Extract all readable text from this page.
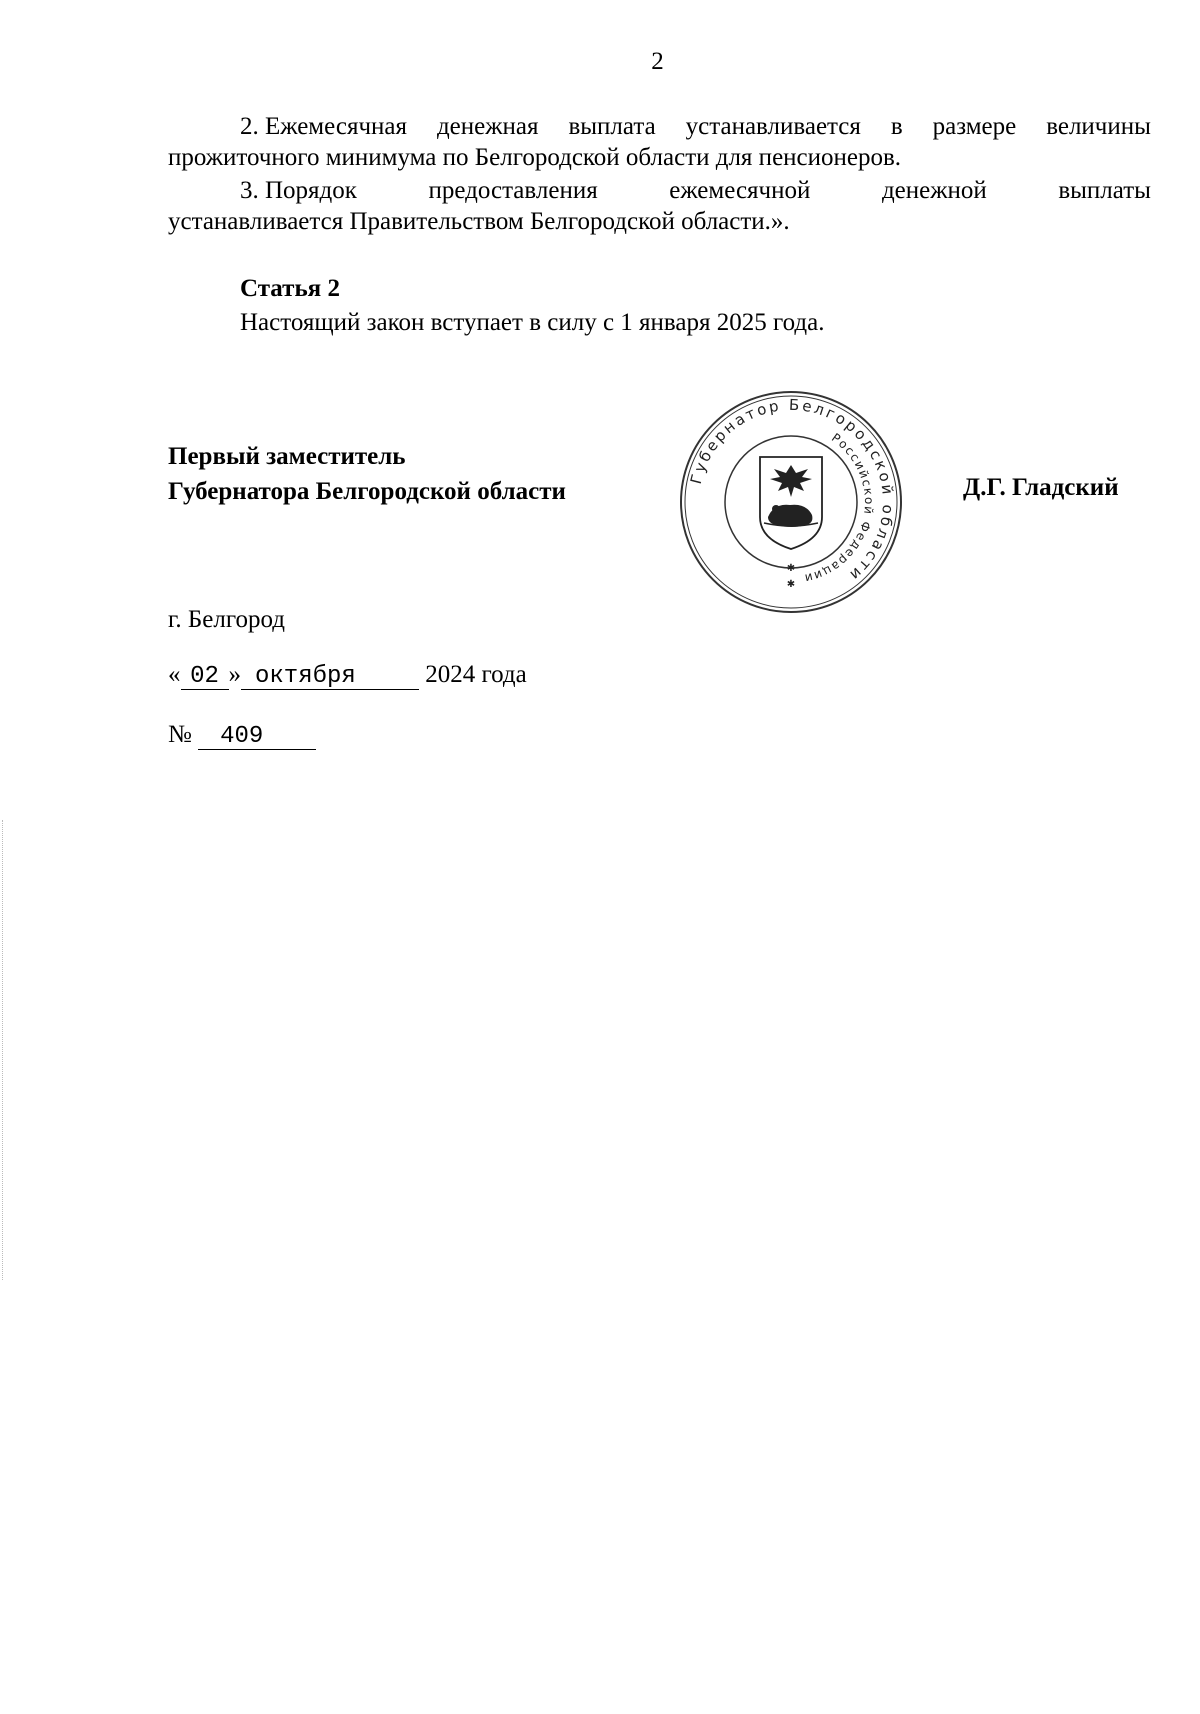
2
2. Ежемесячная денежная выплата устанавливается в размере величины
прожиточного минимума по Белгородской области для пенсионеров.
3. Порядок	предоставления	ежемесячной	денежной	выплаты
устанавливается Правительством Белгородской области.».
Статья 2
Настоящий закон вступает в силу с 1 января 2025 года.
Первый заместитель
Губернатора Белгородской области
Губернатор Белгородской области
Российской Федерации
✱
✱
Д.Г. Гладский
г. Белгород
« 02 » октября	2024 года
№ 409
